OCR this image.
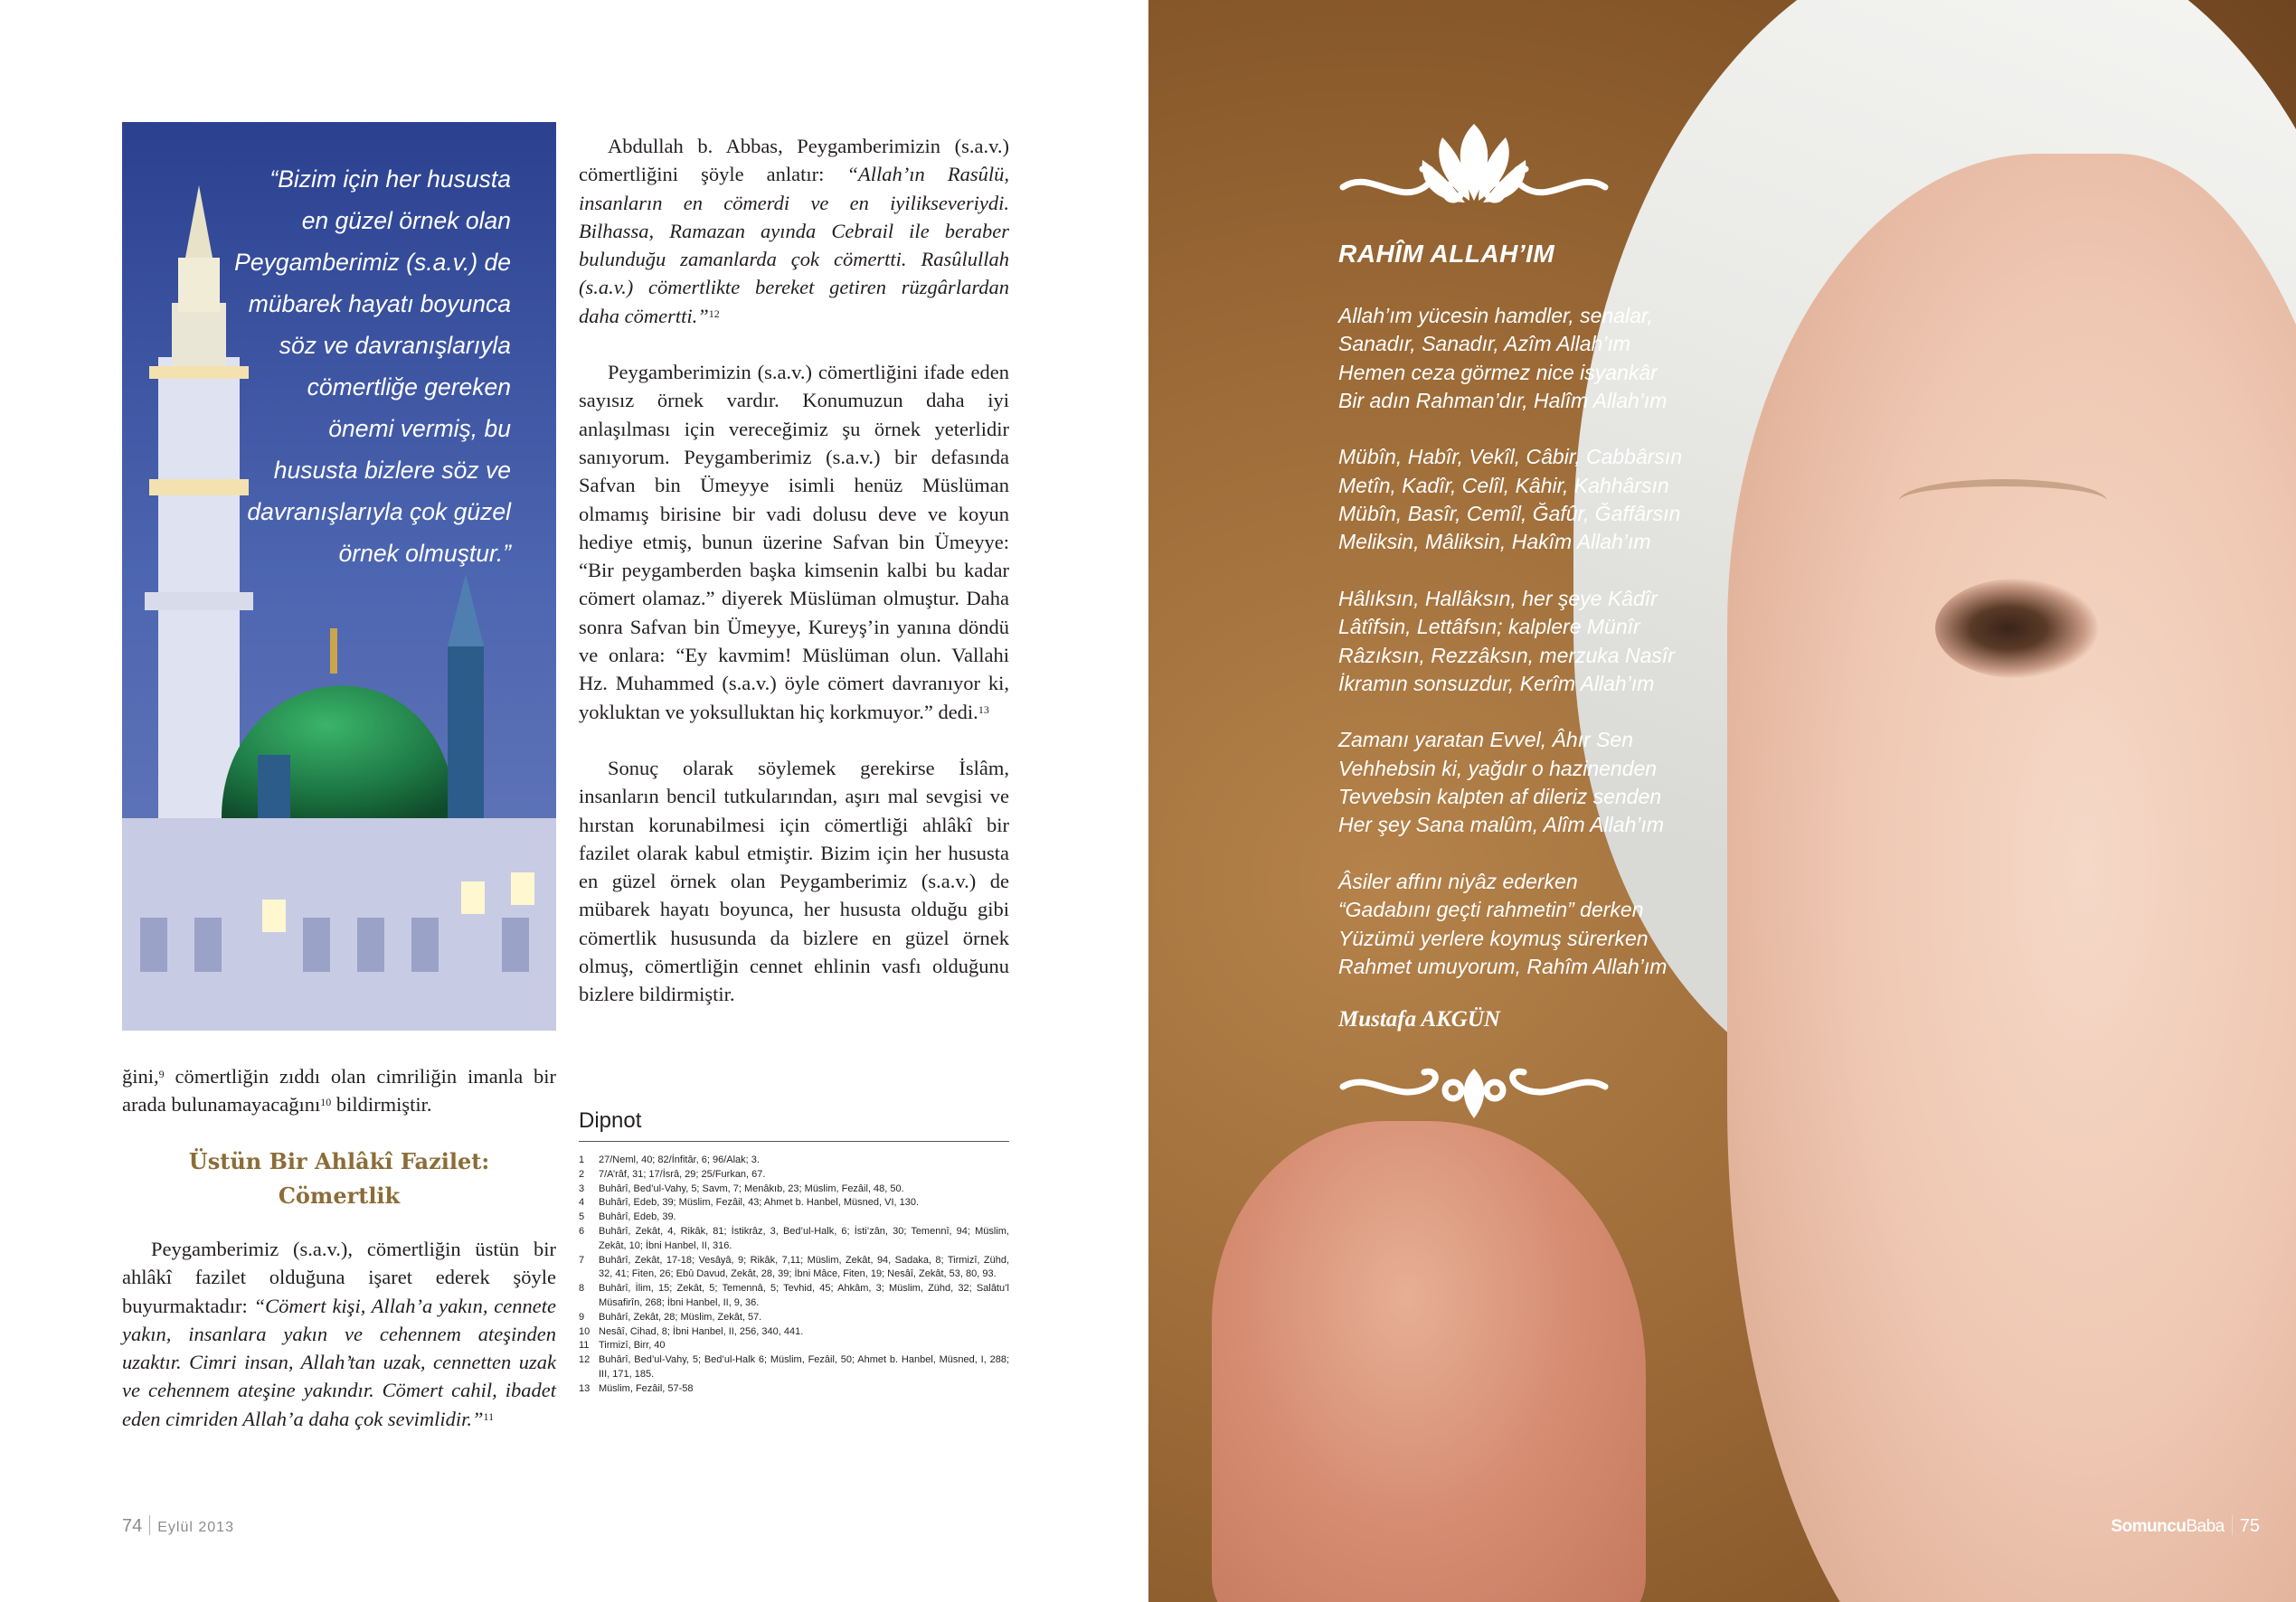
“Bizim için her hususta
en güzel örnek olan
Peygamberimiz (s.a.v.) de
mübarek hayatı boyunca
söz ve davranışlarıyla
cömertliğe gereken
önemi vermiş, bu
hususta bizlere söz ve
davranışlarıyla çok güzel
örnek olmuştur.”

Abdullah b. Abbas, Peygamberimizin (s.a.v.) cömertliğini şöyle anlatır: “Allah’ın Rasûlü, insanların en cömerdi ve en iyilikseveriydi. Bilhassa, Ramazan ayında Cebrail ile beraber bulunduğu zamanlarda çok cömertti. Rasûlullah (s.a.v.) cömertlikte bereket getiren rüzgârlardan daha cömertti.”$^{12}$

Peygamberimizin (s.a.v.) cömertliğini ifade eden sayısız örnek vardır. Konumuzun daha iyi anlaşılması için vereceğimiz şu örnek yeterlidir sanıyorum. Peygamberimiz (s.a.v.) bir defasında Safvan bin Ümeyye isimli henüz Müslüman olmamış birisine bir vadi dolusu deve ve koyun hediye etmiş, bunun üzerine Safvan bin Ümeyye: “Bir peygamberden başka kimsenin kalbi bu kadar cömert olamaz.” diyerek Müslüman olmuştur. Daha sonra Safvan bin Ümeyye, Kureyş’in yanına döndü ve onlara: “Ey kavmim! Müslüman olun. Vallahi Hz. Muhammed (s.a.v.) öyle cömert davranıyor ki, yokluktan ve yoksulluktan hiç korkmuyor.” dedi.$^{13}$

Sonuç olarak söylemek gerekirse İslâm, insanların bencil tutkularından, aşırı mal sevgisi ve hırstan korunabilmesi için cömertliği ahlâkî bir fazilet olarak kabul etmiştir. Bizim için her hususta en güzel örnek olan Peygamberimiz (s.a.v.) de mübarek hayatı boyunca, her hususta olduğu gibi cömertlik hususunda da bizlere en güzel örnek olmuş, cömertliğin cennet ehlinin vasfı olduğunu bizlere bildirmiştir.

ğini,$^9$ cömertliğin zıddı olan cimriliğin imanla bir arada bulunamayacağını$^{10}$ bildirmiştir.
Üstün Bir Ahlâkî Fazilet:
Cömertlik

Peygamberimiz (s.a.v.), cömertliğin üstün bir ahlâkî fazilet olduğuna işaret ederek şöyle buyurmaktadır: “Cömert kişi, Allah’a yakın, cennete yakın, insanlara yakın ve cehennem ateşinden uzaktır. Cimri insan, Allah’tan uzak, cennetten uzak ve cehennem ateşine yakındır. Cömert cahil, ibadet eden cimriden Allah’a daha çok sevimlidir.”$^{11}$

Dipnot
1	27/Neml, 40; 82/İnfitâr, 6; 96/Alak; 3.
2	7/A’râf, 31; 17/İsrâ, 29; 25/Furkan, 67.
3	Buhârî, Bed’ul-Vahy, 5; Savm, 7; Menâkıb, 23; Müslim, Fezâil, 48, 50.
4	Buhârî, Edeb, 39; Müslim, Fezâil, 43; Ahmet b. Hanbel, Müsned, VI, 130.
5	Buhârî, Edeb, 39.
6	Buhârî, Zekât, 4, Rikâk, 81; İstikrâz, 3, Bed’ul-Halk, 6; İsti’zân, 30; Temennî, 94; Müslim, Zekât, 10; İbni Hanbel, II, 316.
7	Buhârî, Zekât, 17-18; Vesâyâ, 9; Rikâk, 7,11; Müslim, Zekât, 94, Sadaka, 8; Tirmizî, Zühd, 32, 41; Fiten, 26; Ebû Davud, Zekât, 28, 39; İbni Mâce, Fiten, 19; Nesâî, Zekât, 53, 80, 93.
8	Buhârî, İlim, 15; Zekât, 5; Temennâ, 5; Tevhid, 45; Ahkâm, 3; Müslim, Zühd, 32; Salâtu’l Müsafirîn, 268; İbni Hanbel, II, 9, 36.
9	Buhârî, Zekât, 28; Müslim, Zekât, 57.
10 Nesâî, Cihad, 8; İbni Hanbel, II, 256, 340, 441.
11 Tirmizî, Birr, 40
12 Buhârî, Bed’ul-Vahy, 5; Bed’ul-Halk 6; Müslim, Fezâil, 50; Ahmet b. Hanbel, Müsned, I, 288; III, 171, 185.
13 Müslim, Fezâil, 57-58
74 Eylül 2013
RAHÎM ALLAH’IM
Allah’ım yücesin hamdler, senalar,
Sanadır, Sanadır, Azîm Allah’ım
Hemen ceza görmez nice isyankâr
Bir adın Rahman’dır, Halîm Allah’ım
Mübîn, Habîr, Vekîl, Câbir, Cabbârsın
Metîn, Kadîr, Celîl, Kâhir, Kahhârsın
Mübîn, Basîr, Cemîl, Ğafûr, Ğaffârsın
Meliksin, Mâliksin, Hakîm Allah’ım
Hâlıksın, Hallâksın, her şeye Kâdîr
Lâtîfsin, Lettâfsın; kalplere Münîr
Râzıksın, Rezzâksın, merzuka Nasîr
İkramın sonsuzdur, Kerîm Allah’ım
Zamanı yaratan Evvel, Âhır Sen
Vehhebsin ki, yağdır o hazinenden
Tevvebsin kalpten af dileriz senden
Her şey Sana malûm, Alîm Allah’ım
Âsiler affını niyâz ederken
“Gadabını geçti rahmetin” derken
Yüzümü yerlere koymuş sürerken
Rahmet umuyorum, Rahîm Allah’ım
Mustafa AKGÜN
SomuncuBaba 75
